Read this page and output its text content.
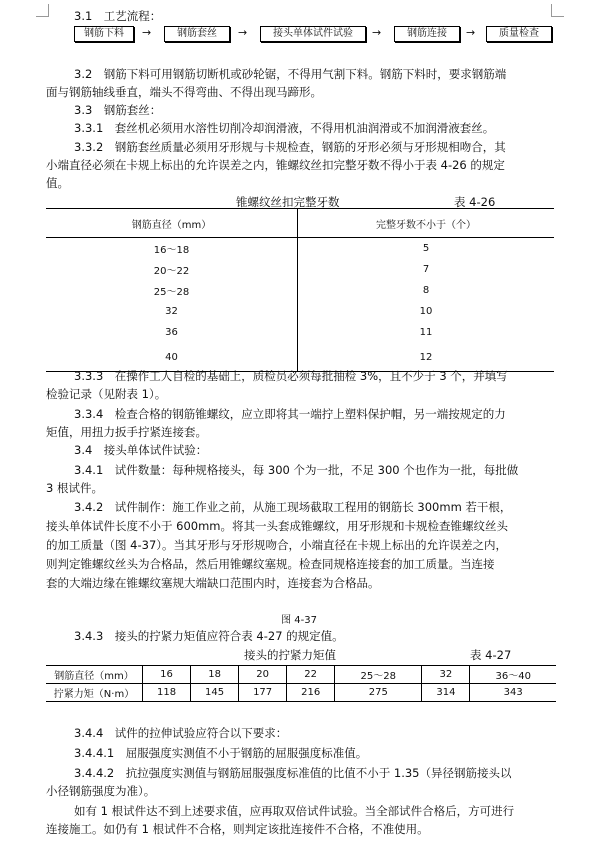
3.1　工艺流程：
钢筋下料	→	钢筋套丝	→	接头单体试件试验	→	钢筋连接	→	质量检查
3.2　钢筋下料可用钢筋切断机或砂轮锯，不得用气割下料。钢筋下料时，要求钢筋端
面与钢筋轴线垂直，端头不得弯曲、不得出现马蹄形。
3.3　钢筋套丝：
3.3.1　套丝机必须用水溶性切削冷却润滑液，不得用机油润滑或不加润滑液套丝。
3.3.2　钢筋套丝质量必须用牙形规与卡规检查，钢筋的牙形必须与牙形规相吻合，其
小端直径必须在卡规上标出的允许误差之内，锥螺纹丝扣完整牙数不得小于表 4-26 的规定
值。
锥螺纹丝扣完整牙数	表 4-26
钢筋直径（mm）	完整牙数不小于（个）
16～18	5
20～22	7
25～28	8
32	10
36	11
40	12
3.3.3　在操作工人自检的基础上，质检员必须每批抽检 3%，且不少于 3 个，并填写
检验记录（见附表 1）。
3.3.4　检查合格的钢筋锥螺纹，应立即将其一端拧上塑料保护帽，另一端按规定的力
矩值，用扭力扳手拧紧连接套。
3.4　接头单体试件试验：
3.4.1　试件数量：每种规格接头，每 300 个为一批，不足 300 个也作为一批，每批做
3 根试件。
3.4.2　试件制作：施工作业之前，从施工现场截取工程用的钢筋长 300mm 若干根，
接头单体试件长度不小于 600mm。将其一头套成锥螺纹，用牙形规和卡规检查锥螺纹丝头
的加工质量（图 4-37）。当其牙形与牙形规吻合，小端直径在卡规上标出的允许误差之内，
则判定锥螺纹丝头为合格品，然后用锥螺纹塞规。检查同规格连接套的加工质量。当连接
套的大端边缘在锥螺纹塞规大端缺口范围内时，连接套为合格品。
图 4-37
3.4.3　接头的拧紧力矩值应符合表 4-27 的规定值。
接头的拧紧力矩值	表 4-27
钢筋直径（mm）	16	18	20	22	25～28	32	36～40
拧紧力矩（N·m）	118	145	177	216	275	314	343
3.4.4　试件的拉伸试验应符合以下要求：
3.4.4.1　屈服强度实测值不小于钢筋的屈服强度标准值。
3.4.4.2　抗拉强度实测值与钢筋屈服强度标准值的比值不小于 1.35（异径钢筋接头以
小径钢筋强度为准）。
如有 1 根试件达不到上述要求值，应再取双倍试件试验。当全部试件合格后，方可进行
连接施工。如仍有 1 根试件不合格，则判定该批连接件不合格，不准使用。
